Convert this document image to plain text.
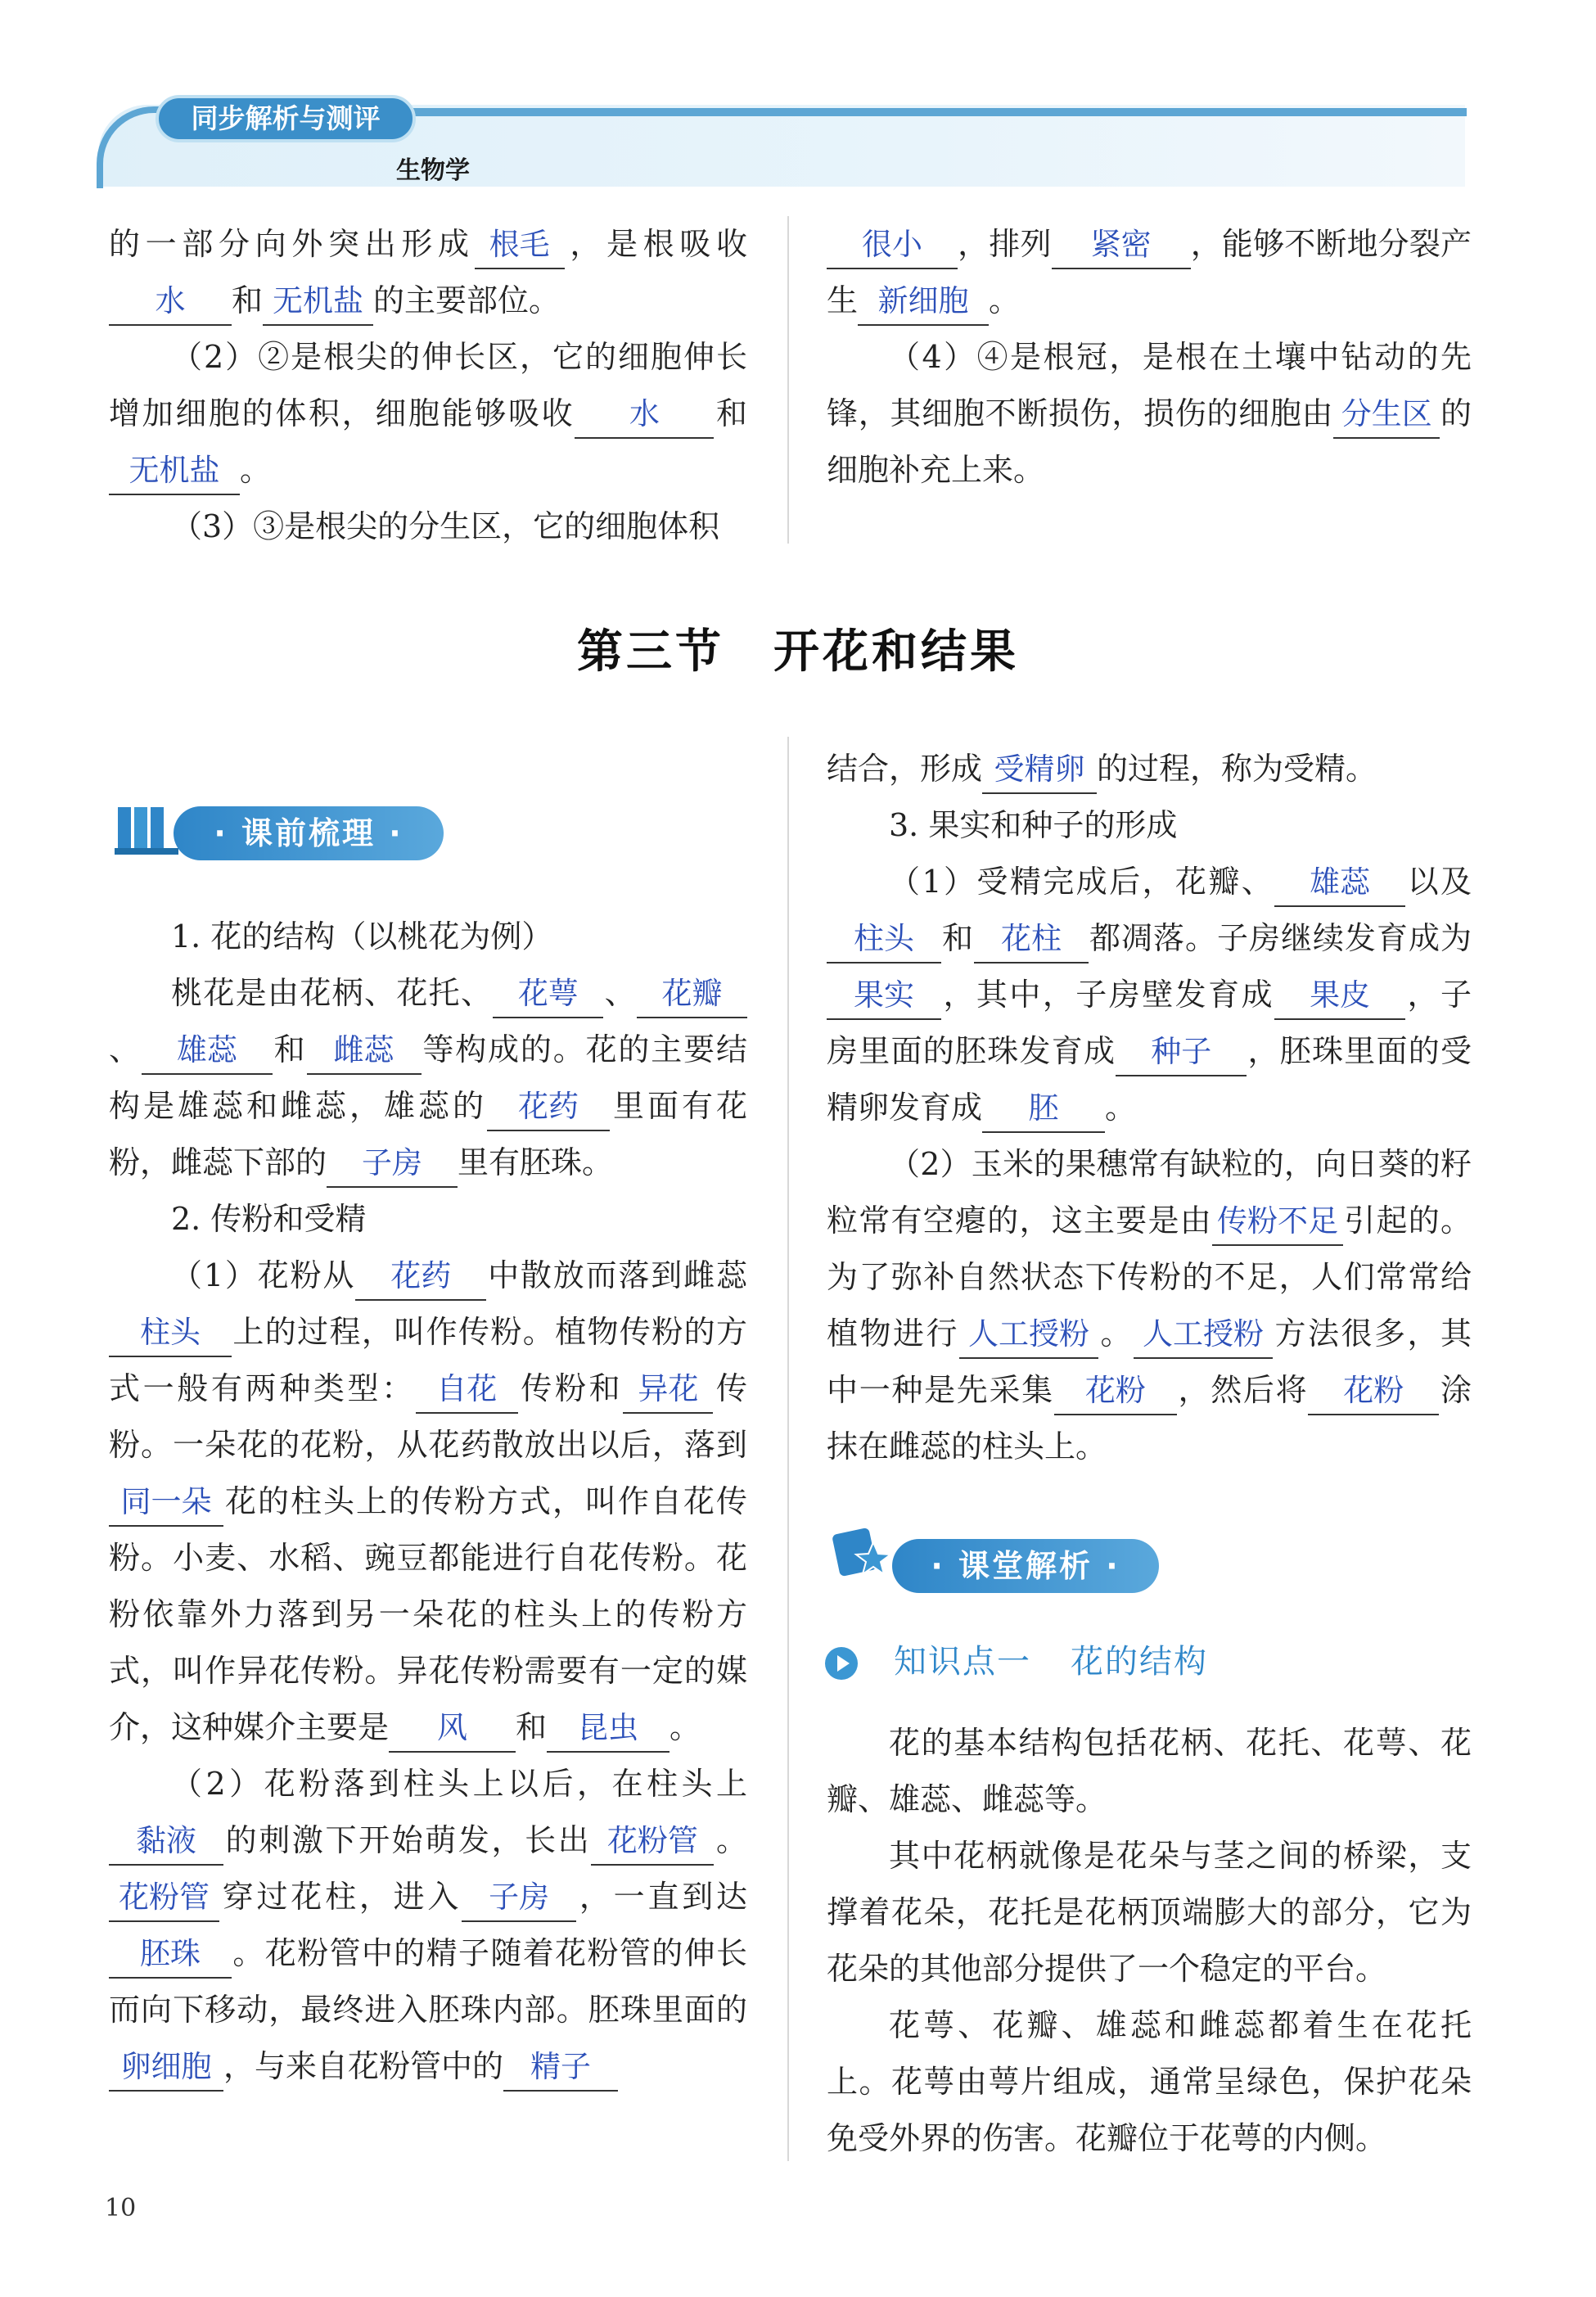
同步解析与测评
生物学

的一部分向外突出形成 根毛 ，是根吸收水 和 无机盐 的主要部位。

（2）②是根尖的伸长区，它的细胞伸长增加细胞的体积，细胞能够吸收 水 和无机盐 。

（3）③是根尖的分生区，它的细胞体积

很小 ，排列 紧密 ，能够不断地分裂产生 新细胞 。

（4）④是根冠，是根在土壤中钻动的先锋，其细胞不断损伤，损伤的细胞由 分生区 的细胞补充上来。

第三节 开花和结果
· 课前梳理 ·

1. 花的结构（以桃花为例）

桃花是由花柄、花托、 花萼 、 花瓣、 雄蕊 和 雌蕊 等构成的。花的主要结构是雄蕊和雌蕊，雄蕊的 花药 里面有花粉，雌蕊下部的 子房 里有胚珠。

2. 传粉和受精

（1）花粉从 花药 中散放而落到雌蕊柱头 上的过程，叫作传粉。植物传粉的方式一般有两种类型： 自花 传粉和 异花 传粉。一朵花的花粉，从花药散放出以后，落到同一朵 花的柱头上的传粉方式，叫作自花传粉。小麦、水稻、豌豆都能进行自花传粉。花粉依靠外力落到另一朵花的柱头上的传粉方式，叫作异花传粉。异花传粉需要有一定的媒介，这种媒介主要是 风 和 昆虫 。

（2）花粉落到柱头上以后，在柱头上黏液 的刺激下开始萌发，长出 花粉管 。花粉管 穿过花柱，进入 子房 ，一直到达胚珠 。花粉管中的精子随着花粉管的伸长而向下移动，最终进入胚珠内部。胚珠里面的卵细胞 ，与来自花粉管中的 精子

结合，形成 受精卵 的过程，称为受精。

3. 果实和种子的形成

（1）受精完成后，花瓣、 雄蕊 以及柱头 和 花柱 都凋落。子房继续发育成为果实 ，其中，子房壁发育成 果皮 ，子房里面的胚珠发育成 种子 ，胚珠里面的受精卵发育成 胚 。

（2）玉米的果穗常有缺粒的，向日葵的籽粒常有空瘪的，这主要是由 传粉不足 引起的。为了弥补自然状态下传粉的不足，人们常常给植物进行 人工授粉 。 人工授粉 方法很多，其中一种是先采集 花粉 ，然后将 花粉 涂抹在雌蕊的柱头上。

· 课堂解析 ·
知识点一 花的结构

花的基本结构包括花柄、花托、花萼、花瓣、雄蕊、雌蕊等。

其中花柄就像是花朵与茎之间的桥梁，支撑着花朵，花托是花柄顶端膨大的部分，它为花朵的其他部分提供了一个稳定的平台。

花萼、花瓣、雄蕊和雌蕊都着生在花托上。花萼由萼片组成，通常呈绿色，保护花朵免受外界的伤害。花瓣位于花萼的内侧。

10
